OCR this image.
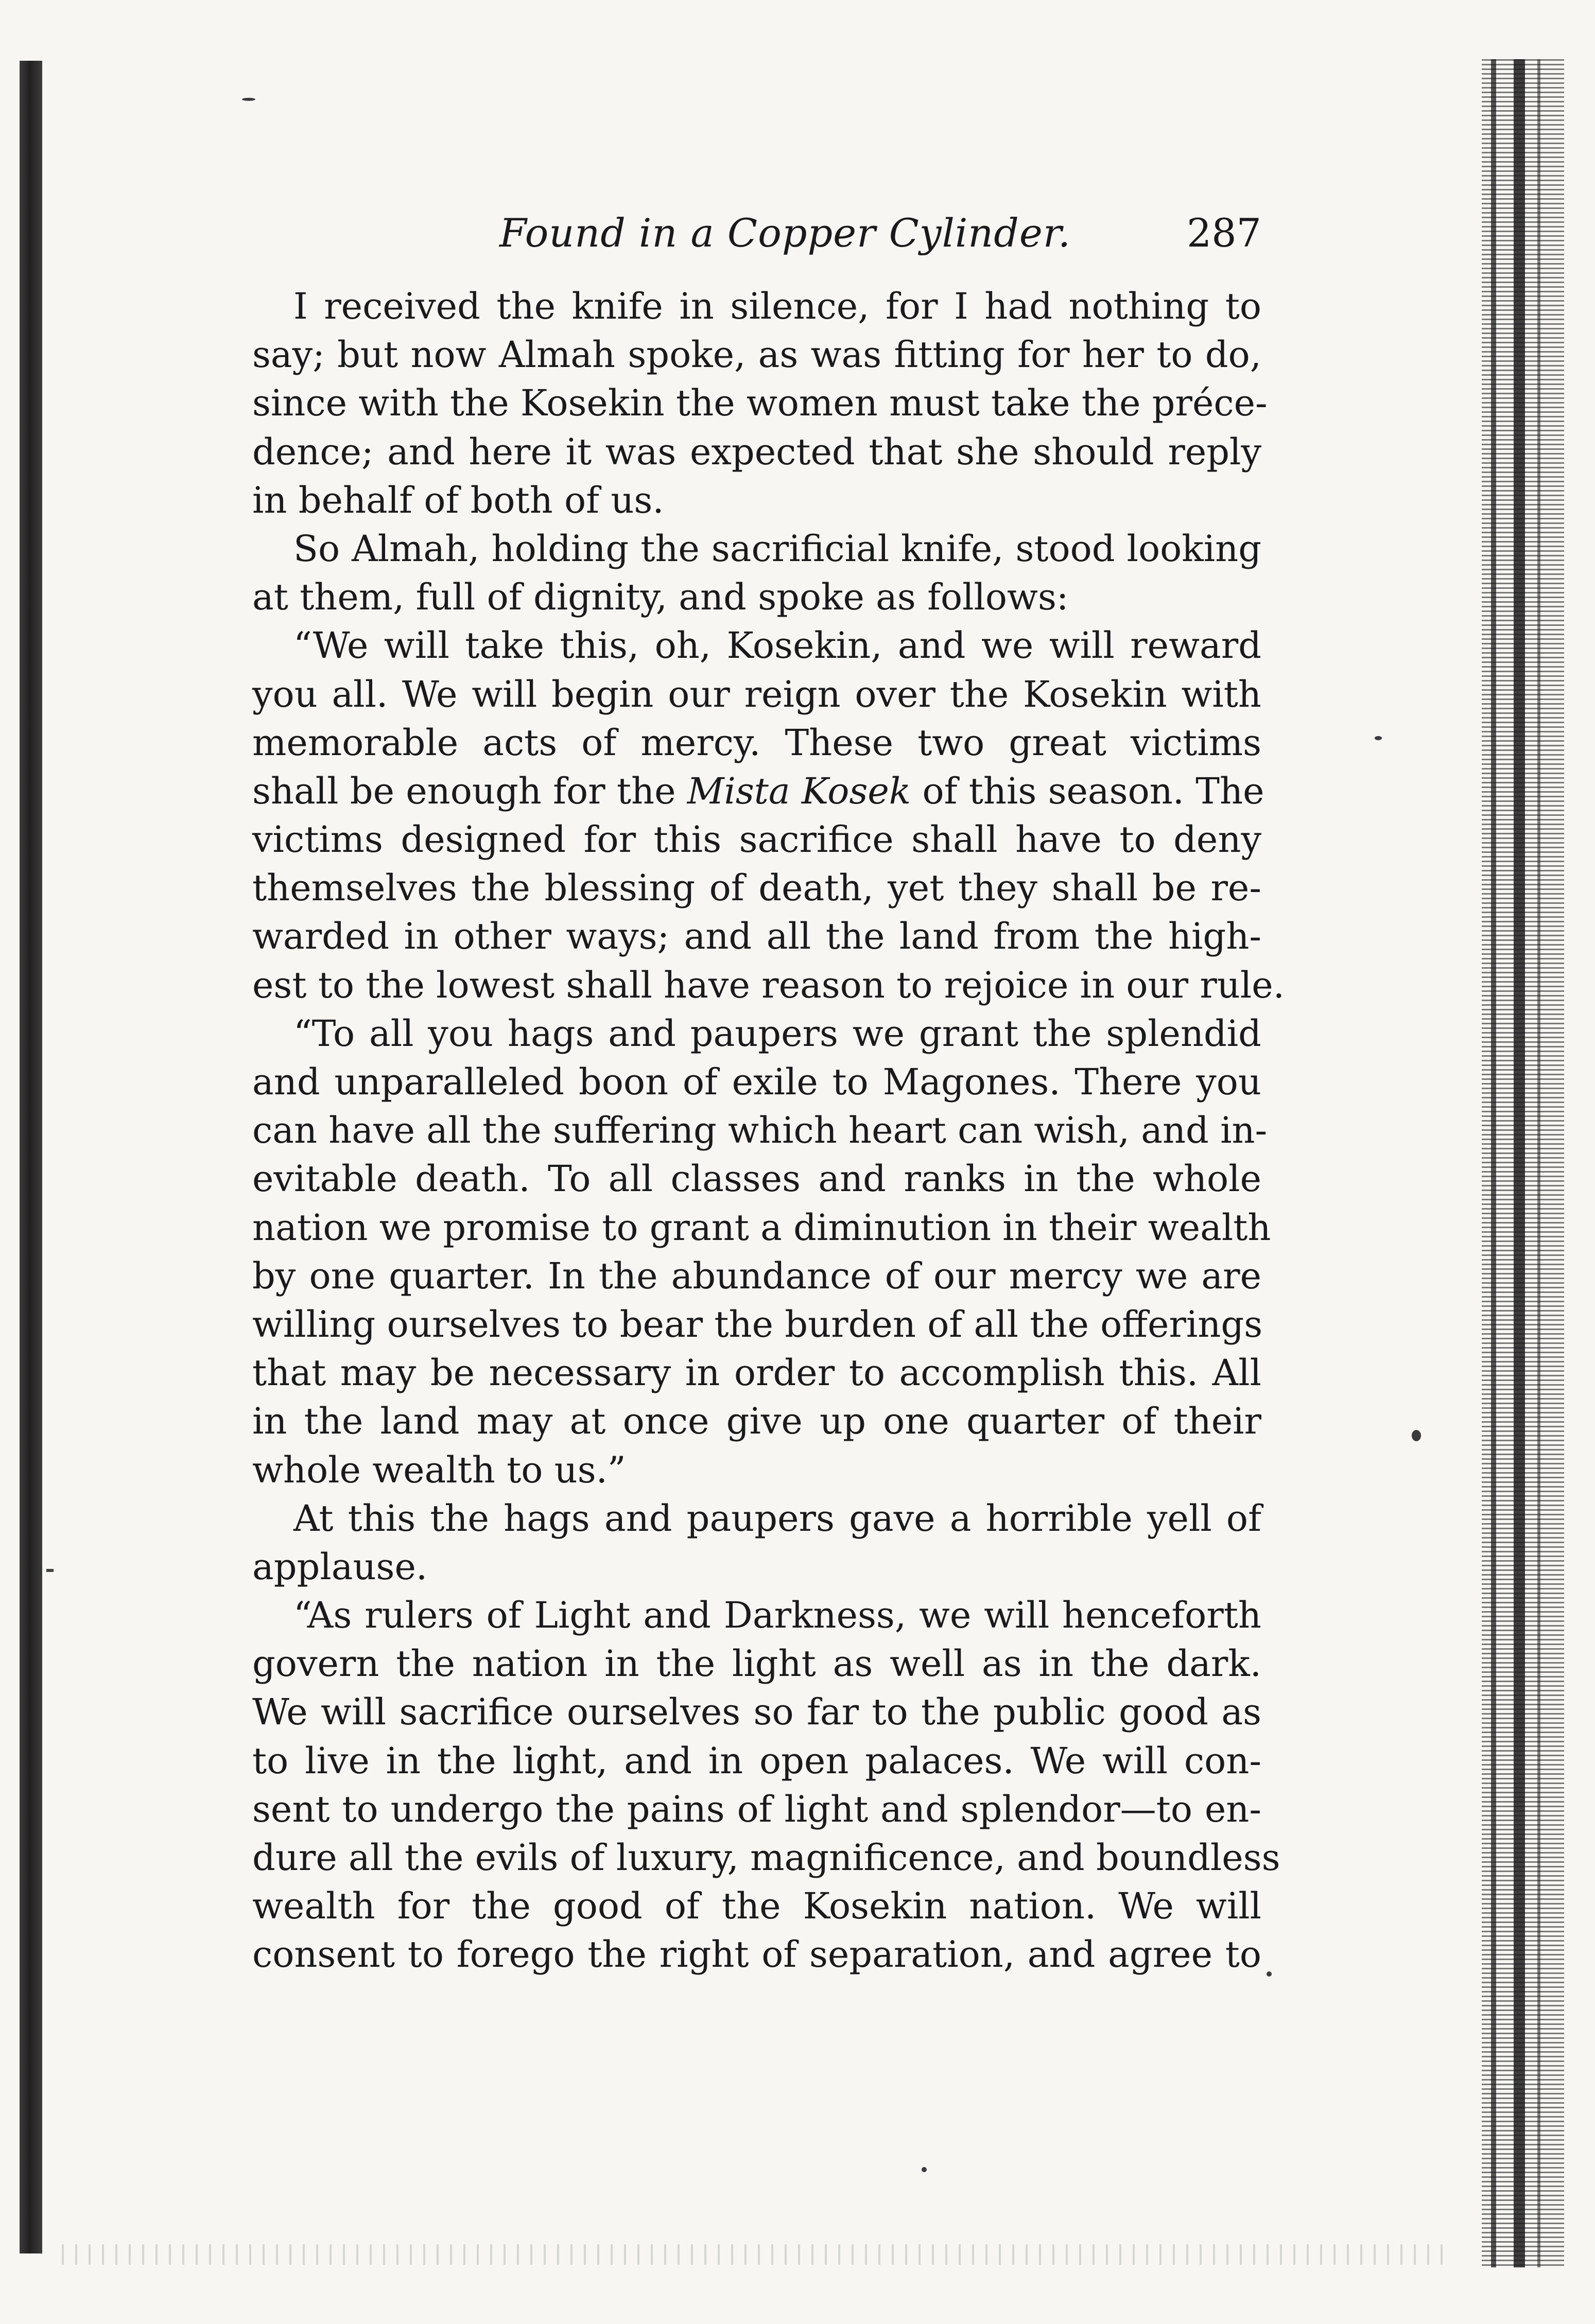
Found in a Copper Cylinder.	287

I received the knife in silence, for I had nothing to
say; but now Almah spoke, as was fitting for her to do,
since with the Kosekin the women must take the préce-
dence; and here it was expected that she should reply
in behalf of both of us.

So Almah, holding the sacrificial knife, stood looking
at them, full of dignity, and spoke as follows:

“We will take this, oh, Kosekin, and we will reward
you all. We will begin our reign over the Kosekin with
memorable acts of mercy. These two great victims
shall be enough for the Mista Kosek of this season. The
victims designed for this sacrifice shall have to deny
themselves the blessing of death, yet they shall be re-
warded in other ways; and all the land from the high-
est to the lowest shall have reason to rejoice in our rule.

“To all you hags and paupers we grant the splendid
and unparalleled boon of exile to Magones. There you
can have all the suffering which heart can wish, and in-
evitable death. To all classes and ranks in the whole
nation we promise to grant a diminution in their wealth
by one quarter. In the abundance of our mercy we are
willing ourselves to bear the burden of all the offerings
that may be necessary in order to accomplish this. All
in the land may at once give up one quarter of their
whole wealth to us.”

At this the hags and paupers gave a horrible yell of
applause.

“As rulers of Light and Darkness, we will henceforth
govern the nation in the light as well as in the dark.
We will sacrifice ourselves so far to the public good as
to live in the light, and in open palaces. We will con-
sent to undergo the pains of light and splendor—to en-
dure all the evils of luxury, magnificence, and boundless
wealth for the good of the Kosekin nation. We will
consent to forego the right of separation, and agree to
